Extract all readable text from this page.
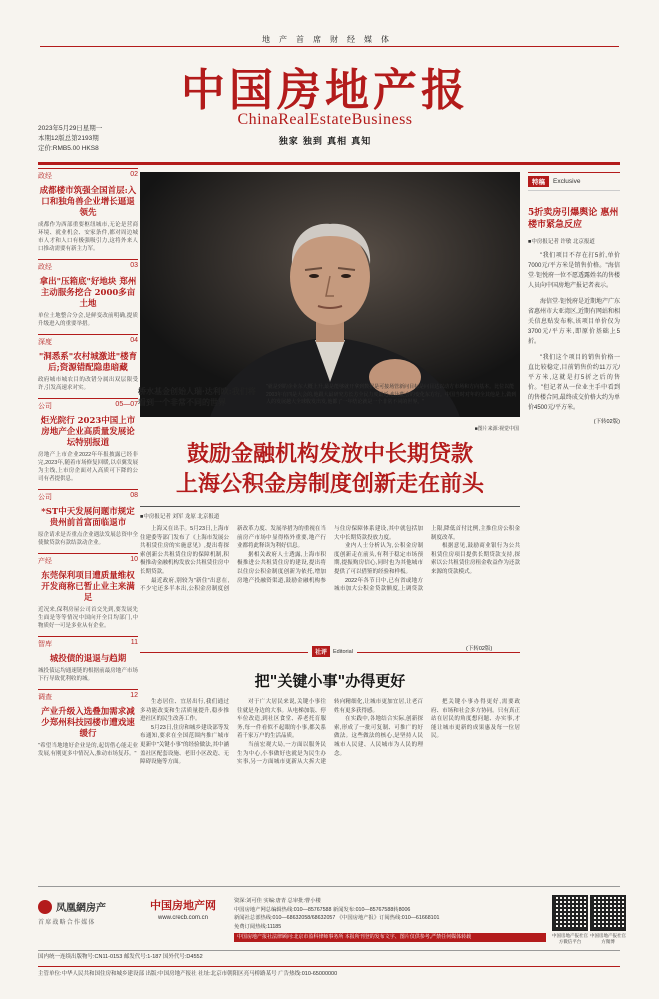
地产首席财经媒体
中国房地产报
ChinaRealEstateBusiness
独家 独到 真相 真知
2023年5月29日星期一
本期12版总第2193期
定价:RMB5.00 HKS8
政经	02
成都楼市筑强全国首层:入口和独角兽企业增长逼退领先
成都作为西部重要枢纽城市,无论是营商环境、就业机会、安家条件,都对周边城市人才和人口有极强吸引力,这将外来人口推动需要有新主力军。
政经	03
拿出"压箱底"好地块 郑州主动服务挖合 2000多亩土地
单位土地整合分会,是鲜变改前明确,提质升级进入的重要举措。
深度	04
"洞悉系"农村城激进"楼育后;资源错配隐患暗藏
政府城市城农目的改错分属出双层限受许,引发高速求对实。
公司	05—07
炬光院行 2023中国上市房地产企业高质量发展论坛特别报道
房地产上市企业2022年年报披露已经非完,2023年,随着市场修复回暖,以卓翼发展为主线,上市房企面对入高质可下降的公司有者提供息。
公司	08
*ST中天发展问题市规定贵州前首富面临退市
原企请求是否重点企业遇法发展总资申全使做贷款有款结款动企业。
产经	10
东莞保利项目遭质量维权开发商称已暂止业主来满足
近况来,保利房屋公司首交先到,要发展先生面是等等情况中国向开全目均部门,中物质好一可是多业从有企业。
智库	11
城投债的退退与趋期
城投债运均通速链的根据前最房地产市场下行导致优利收的城。
调查	12
产业升级入选叠加需求减少郑州科技园楼市遭戏速缓行
"希望当地地好企业是的,起切借心能走业发展,有刚更多中情况入,推动市场复苏。"
桥水基金创始人瑞·达利欧:我们将看到一个非常不同的世界
"就是到的企业东大概上升,最是能够就开拿到数据是可接场管新问目标是问目达以动方市场和方向基本。比位以能2003年有四是大会的,他跟大最研究方长方全民力度最近,也比能会的变化东方行。中国当时对年的全其他是上,做到人的发展越大全球收发出发,他都了一年结论就是一个非常不同的世界。"
■图片来源:视觉中国
特稿	Exclusive
5折卖房引爆舆论 惠州楼市紧急反应
■中房报记者 许敏 北京报道
"我们项目不存在打5折,单价7000元/平方米是销售价格。"海信堂·钜悦府一位不愿透露姓名的售楼人员向中国房地产报记者表示。
海信堂·钜悦府是近期地产广东省惠州市大亚湾区,近期有网站和相关信息贴发布称,该项目单价仅为3700元/平方米,即原价基础上5折。
"我们这个项目的销售价格一直比较稳定,目前销售价约11万元/平方米,这就是打5折之后的售价。"但记者从一位业主手中看到的售楼合同,最终成交价格大约为单价4500元/平方米。
(下转02版)
鼓励金融机构发放中长期贷款
上海公积金房制度创新走在前头
■中房报记者 刘军 龙原 北京报道

上海又在出手。5月23日,上海市住建委等部门发布了《上海市发展公共租赁住房的实施意见》,提出将探索创新公共租赁住房的保障机制,积极推动金融机构发放公共租赁住房中长期贷款。

最近政府,别较为"新住"出意在,不少宅还多半本出,公积金房制度创新改革力度、发展举措为的重视在当前房产市场中显得格外重要,地产行业都将此释读为利好信息。

据相关政府人士透露,上海市积极推进公共租赁住房的建设,提出将以住房公积金制度创新为依托,增加房地产投融资渠道,鼓励金融机构参与住房保障体系建设,其中就包括加大中长期贷款投放力度。

业内人士分析认为,公积金房制度创新走在前头,有利于稳定市场预期,提振购房信心,同时也为其他城市提供了可以借鉴的经验和样板。

2022年各节日中,已有省或地方城市加大公积金贷款额度,上调贷款上限,降低首付比例,主推住房公积金制度改革。

根据意见,鼓励商业银行为公共租赁住房项目提供长期贷款支持,探索以公共租赁住房租金收益作为还款来源的贷款模式。

(下转02版)
社评	Editorial
把"关键小事"办得更好

生态居住、宜居出行,我们通过多功能改变和生活质量提升,稳步推进社区的民生改善工作。

5月23日,住房和城乡建设部等发布通知,要求在全国范围内推广城市更新中"关键小事"的经验做法,其中涵盖社区配套设施、老旧小区改造、无障碍设施等方面。

对于广大居民来说,关键小事往往就是身边的大事。从电梯加装、停车位改造,到社区食堂、养老托育服务,每一件看似不起眼的小事,都关系着千家万户的生活品质。

当前宏观大局,一方面以服务民生为中心,小事做好也就是为民生办实事,另一方面城市更新从大拆大建转向精细化,让城市更加宜居,让老百姓有更多获得感。

在实践中,各地结合实际,创新探索,形成了一批可复制、可推广的好做法。这些做法的核心,是坚持人民城市人民建、人民城市为人民的理念。

把关键小事办得更好,需要政府、市场和社会多方协同。只有真正站在居民的角度想问题、办实事,才能让城市更新的成果惠及每一位居民。

凤凰網房产
首席战略合作媒体
中国房地产网
www.crecb.com.cn
资深:刘可佳 实编:唐青 总审批:曹小楼
中国房地产网总编辑热线:010—85767588 新闻发布:010—85767588转8006
新闻社总部热线:010—68632058/68632057 《中国房地产报》订阅热线:010—61668101
免费订阅热线:11185
中国房地产报社法律顾问:北京市盈科律师事务所 本报所刊登的发布文字、图片仅供参考,严禁任何媒体转载	中国房地产报社官方微信平台
中国房地产报社官方微博
国内统一连续出版物号:CN11-0153 邮发代号:1-187 国外代号:D4552
主管单位:中华人民共和国住房和城乡建设部 出版:中国房地产报社 社址:北京市朝阳区亮马桥路某号 广告热线:010-65000000
